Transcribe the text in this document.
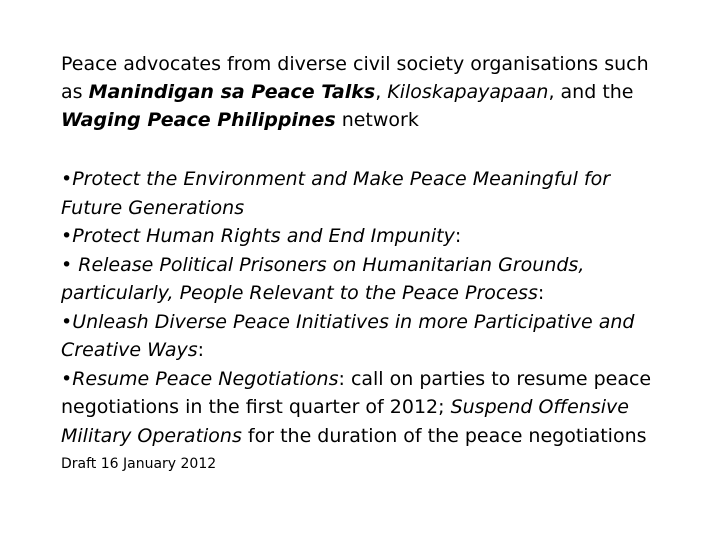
Peace advocates from diverse civil society organisations such
as Manindigan sa Peace Talks, Kiloskapayapaan, and the
Waging Peace Philippines network
•Protect the Environment and Make Peace Meaningful for
Future Generations
•Protect Human Rights and End Impunity:
• Release Political Prisoners on Humanitarian Grounds,
particularly, People Relevant to the Peace Process:
•Unleash Diverse Peace Initiatives in more Participative and
Creative Ways:
•Resume Peace Negotiations: call on parties to resume peace
negotiations in the first quarter of 2012; Suspend Offensive
Military Operations for the duration of the peace negotiations
Draft 16 January 2012
